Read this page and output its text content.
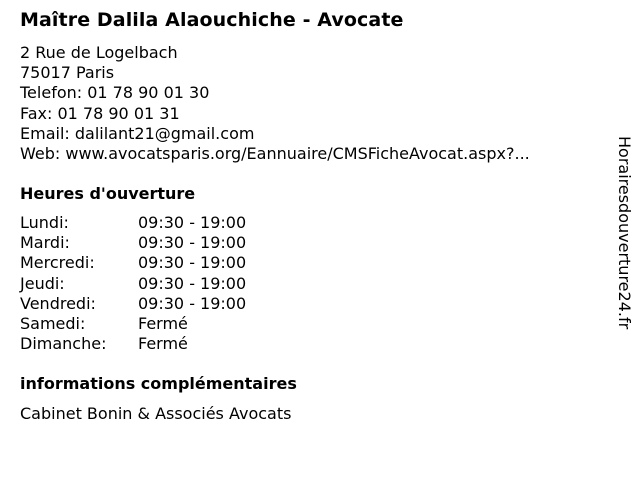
Maître Dalila Alaouchiche - Avocate
2 Rue de Logelbach
75017 Paris
Telefon: 01 78 90 01 30
Fax: 01 78 90 01 31
Email: dalilant21@gmail.com
Web: www.avocatsparis.org/Eannuaire/CMSFicheAvocat.aspx?...
Heures d'ouverture
Lundi:	09:30 - 19:00
Mardi:	09:30 - 19:00
Mercredi:	09:30 - 19:00
Jeudi:	09:30 - 19:00
Vendredi:	09:30 - 19:00
Samedi:	Fermé
Dimanche:	Fermé
informations complémentaires
Cabinet Bonin & Associés Avocats
Horairesdouverture24.fr
